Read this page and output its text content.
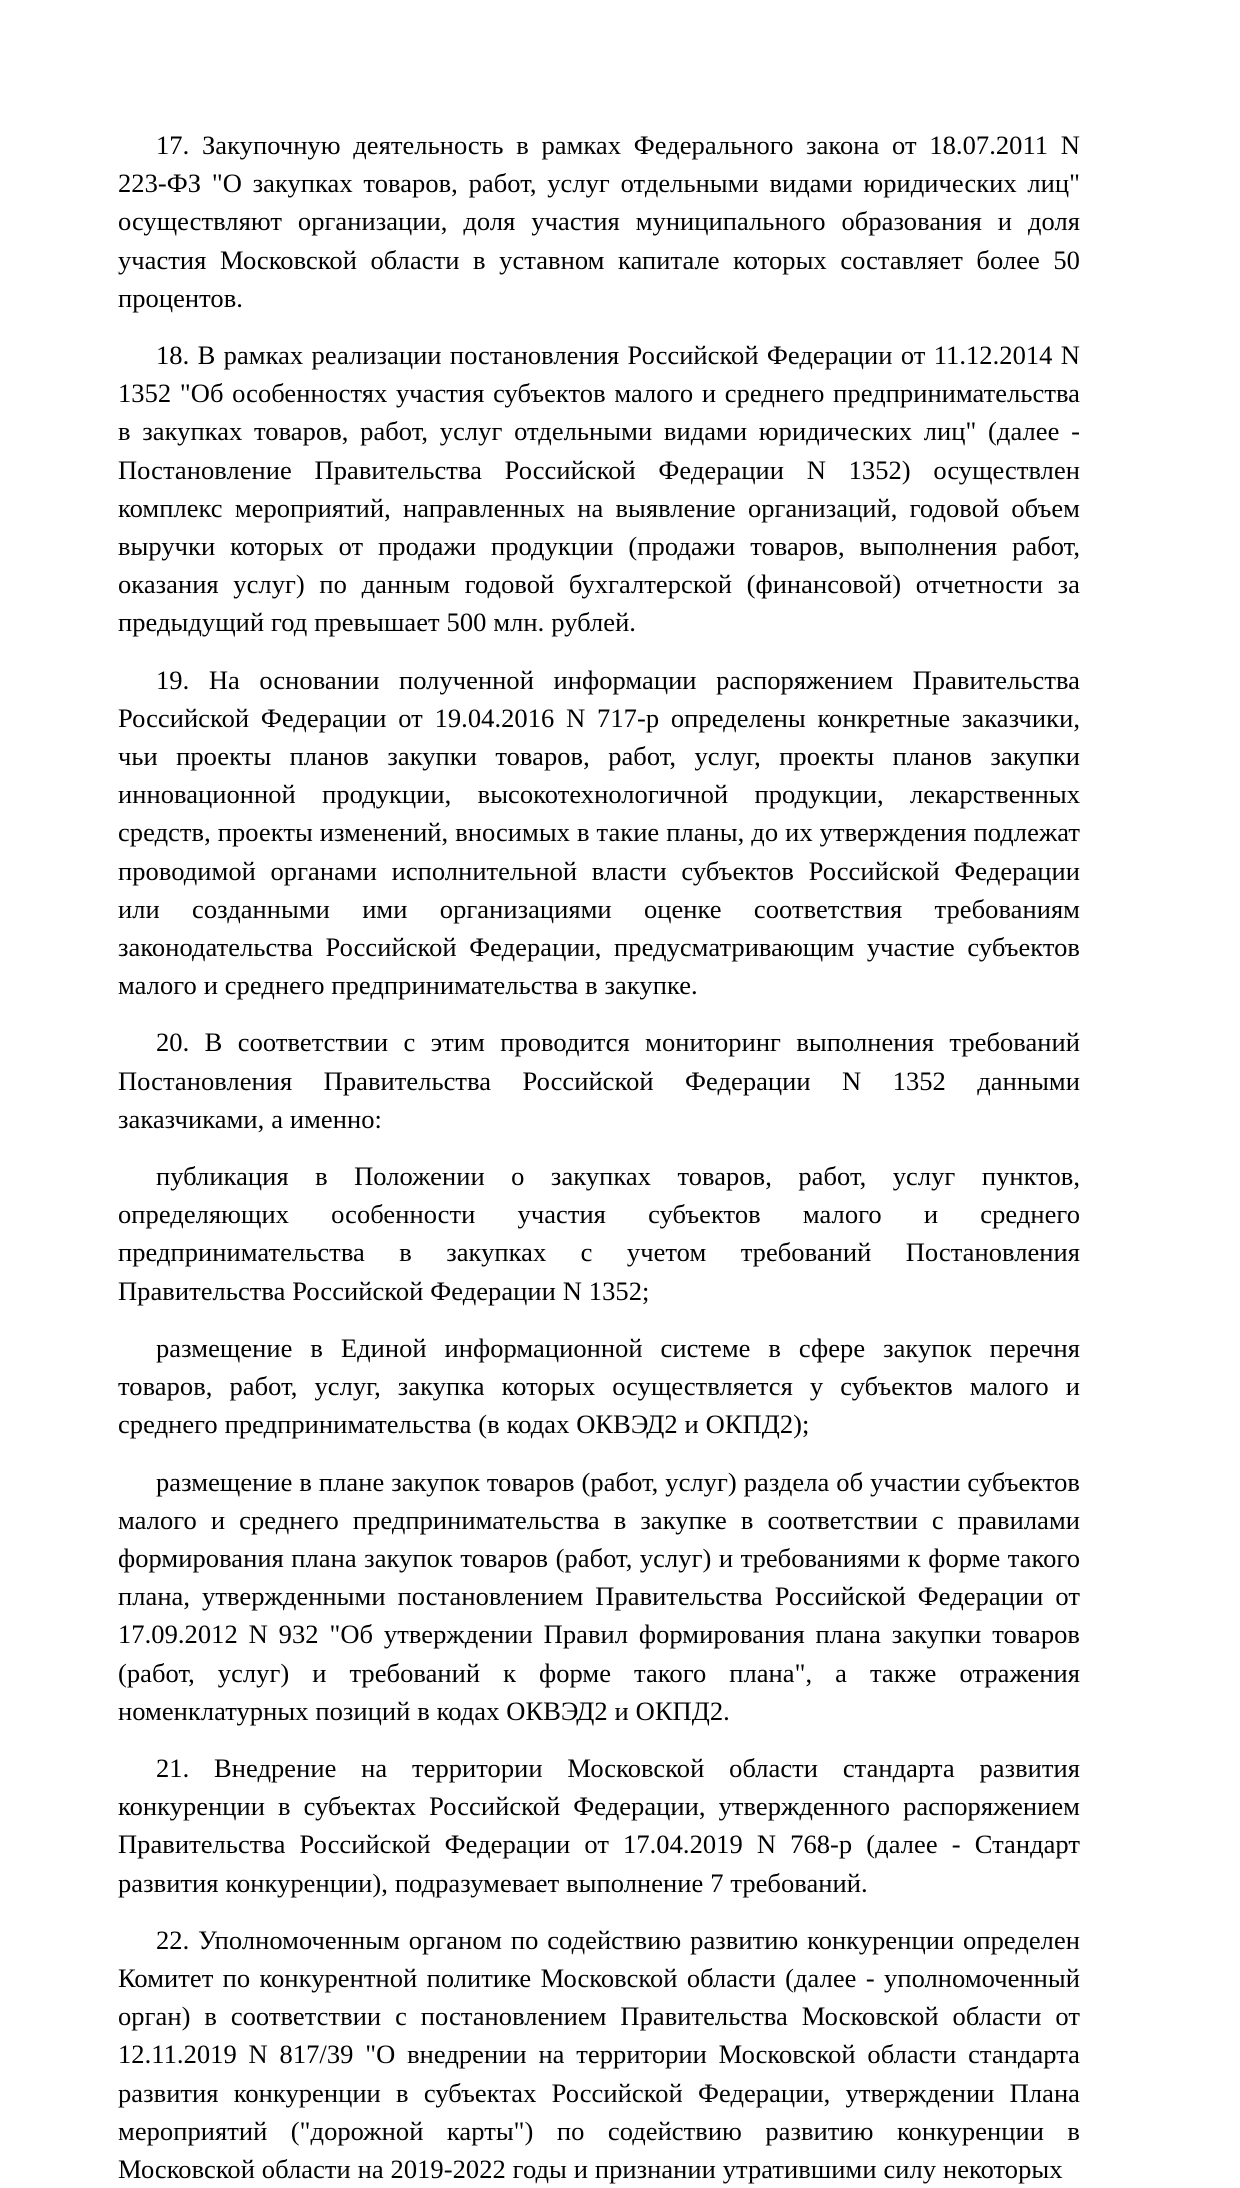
17. Закупочную деятельность в рамках Федерального закона от 18.07.2011 N 223-ФЗ "О закупках товаров, работ, услуг отдельными видами юридических лиц" осуществляют организации, доля участия муниципального образования и доля участия Московской области в уставном капитале которых составляет более 50 процентов.

18. В рамках реализации постановления Российской Федерации от 11.12.2014 N 1352 "Об особенностях участия субъектов малого и среднего предпринимательства в закупках товаров, работ, услуг отдельными видами юридических лиц" (далее - Постановление Правительства Российской Федерации N 1352) осуществлен комплекс мероприятий, направленных на выявление организаций, годовой объем выручки которых от продажи продукции (продажи товаров, выполнения работ, оказания услуг) по данным годовой бухгалтерской (финансовой) отчетности за предыдущий год превышает 500 млн. рублей.

19. На основании полученной информации распоряжением Правительства Российской Федерации от 19.04.2016 N 717-р определены конкретные заказчики, чьи проекты планов закупки товаров, работ, услуг, проекты планов закупки инновационной продукции, высокотехнологичной продукции, лекарственных средств, проекты изменений, вносимых в такие планы, до их утверждения подлежат проводимой органами исполнительной власти субъектов Российской Федерации или созданными ими организациями оценке соответствия требованиям законодательства Российской Федерации, предусматривающим участие субъектов малого и среднего предпринимательства в закупке.

20. В соответствии с этим проводится мониторинг выполнения требований Постановления Правительства Российской Федерации N 1352 данными заказчиками, а именно:

публикация в Положении о закупках товаров, работ, услуг пунктов, определяющих особенности участия субъектов малого и среднего предпринимательства в закупках с учетом требований Постановления Правительства Российской Федерации N 1352;

размещение в Единой информационной системе в сфере закупок перечня товаров, работ, услуг, закупка которых осуществляется у субъектов малого и среднего предпринимательства (в кодах ОКВЭД2 и ОКПД2);

размещение в плане закупок товаров (работ, услуг) раздела об участии субъектов малого и среднего предпринимательства в закупке в соответствии с правилами формирования плана закупок товаров (работ, услуг) и требованиями к форме такого плана, утвержденными постановлением Правительства Российской Федерации от 17.09.2012 N 932 "Об утверждении Правил формирования плана закупки товаров (работ, услуг) и требований к форме такого плана", а также отражения номенклатурных позиций в кодах ОКВЭД2 и ОКПД2.

21. Внедрение на территории Московской области стандарта развития конкуренции в субъектах Российской Федерации, утвержденного распоряжением Правительства Российской Федерации от 17.04.2019 N 768-р (далее - Стандарт развития конкуренции), подразумевает выполнение 7 требований.

22. Уполномоченным органом по содействию развитию конкуренции определен Комитет по конкурентной политике Московской области (далее - уполномоченный орган) в соответствии с постановлением Правительства Московской области от 12.11.2019 N 817/39 "О внедрении на территории Московской области стандарта развития конкуренции в субъектах Российской Федерации, утверждении Плана мероприятий ("дорожной карты") по содействию развитию конкуренции в Московской области на 2019-2022 годы и признании утратившими силу некоторых
